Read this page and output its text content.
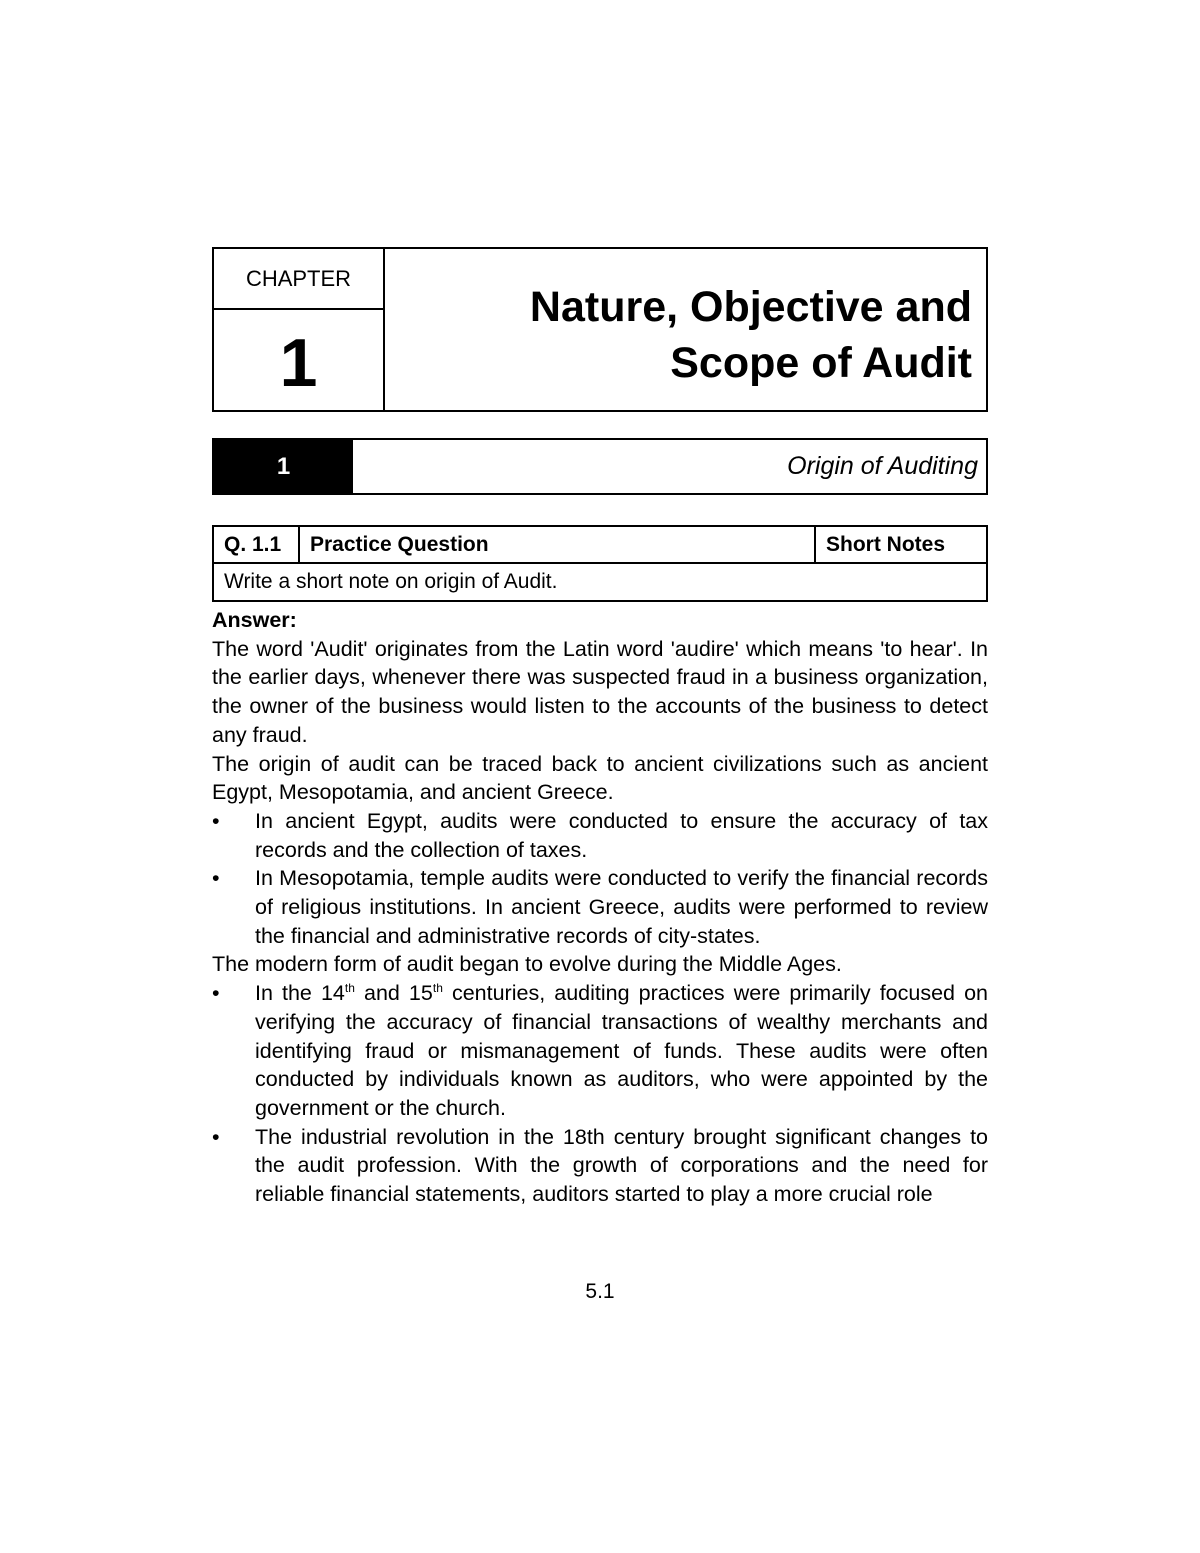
CHAPTER
1
Nature, Objective and
Scope of Audit
1	Origin of Auditing
Q. 1.1	Practice Question	Short Notes
Write a short note on origin of Audit.

Answer:

The word 'Audit' originates from the Latin word 'audire' which means 'to hear'. In the earlier days, whenever there was suspected fraud in a business organization, the owner of the business would listen to the accounts of the business to detect any fraud.

The origin of audit can be traced back to ancient civilizations such as ancient Egypt, Mesopotamia, and ancient Greece.

• In ancient Egypt, audits were conducted to ensure the accuracy of tax records and the collection of taxes.
• In Mesopotamia, temple audits were conducted to verify the financial records of religious institutions. In ancient Greece, audits were performed to review the financial and administrative records of city-states.

The modern form of audit began to evolve during the Middle Ages.

• In the 14th and 15th centuries, auditing practices were primarily focused on verifying the accuracy of financial transactions of wealthy merchants and identifying fraud or mismanagement of funds. These audits were often conducted by individuals known as auditors, who were appointed by the government or the church.
• The industrial revolution in the 18th century brought significant changes to the audit profession. With the growth of corporations and the need for reliable financial statements, auditors started to play a more crucial role
5.1
